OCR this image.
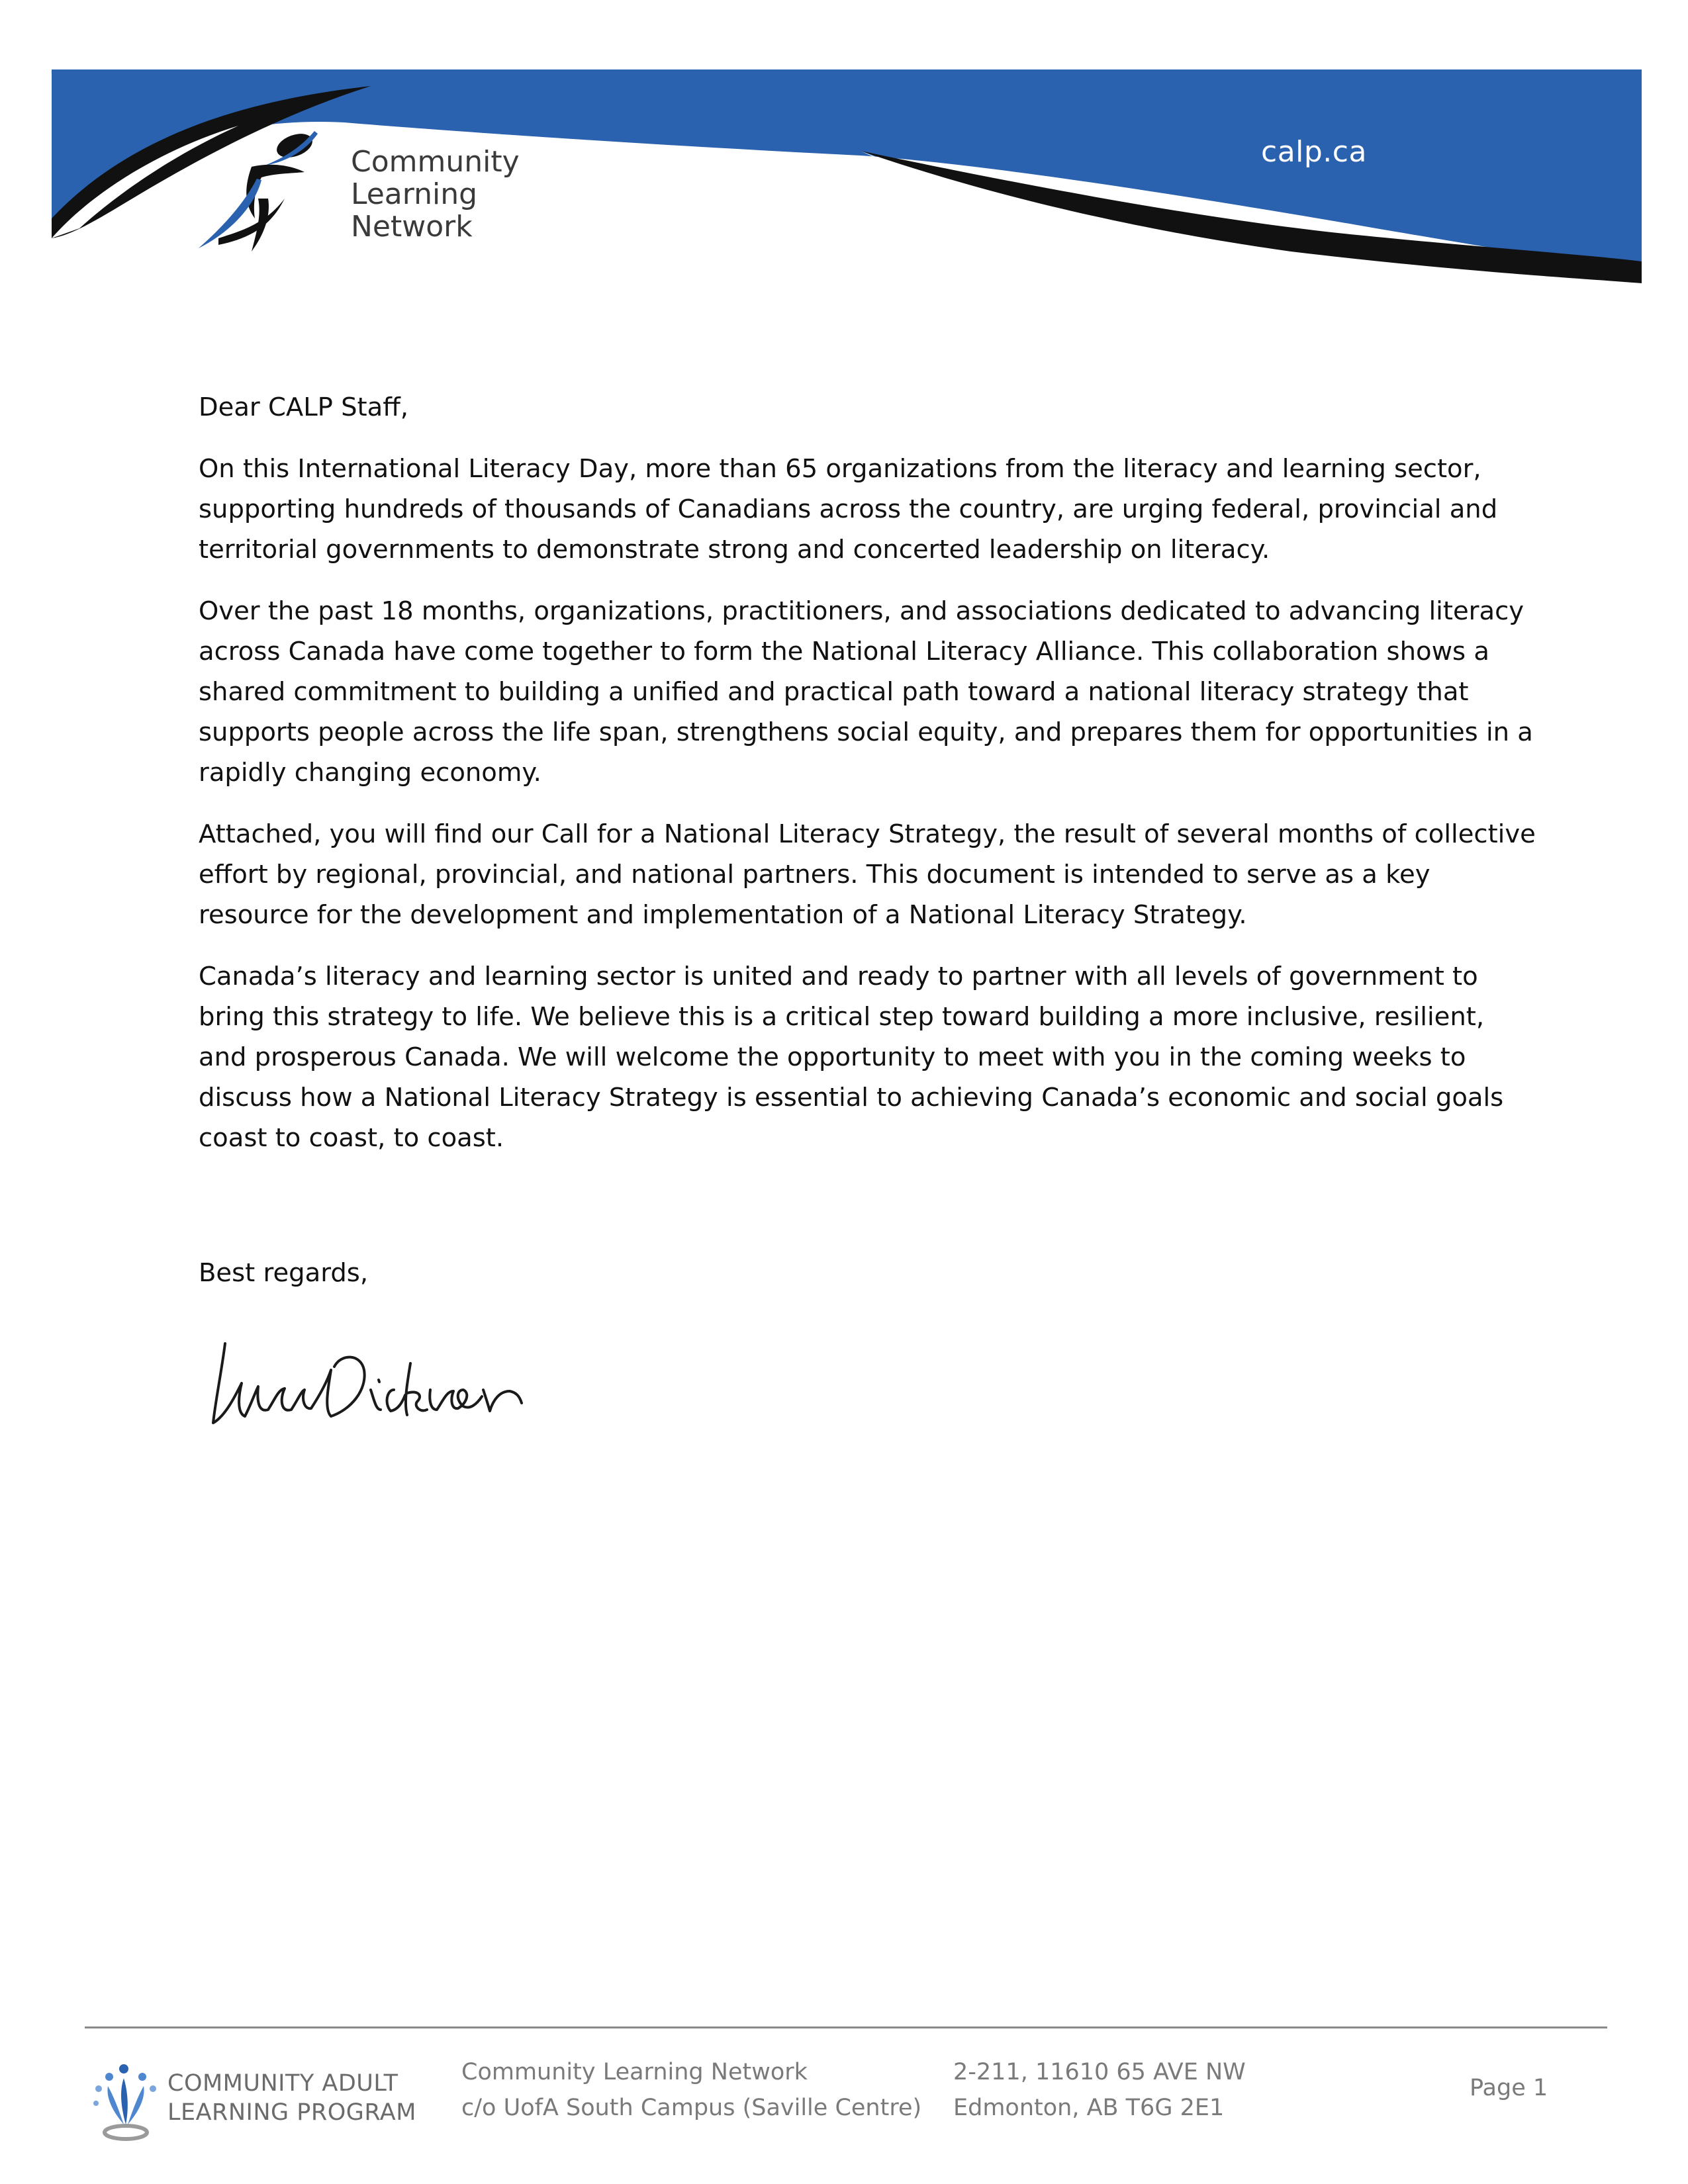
calp.ca
Community
Learning
Network

Dear CALP Staff,

On this International Literacy Day, more than 65 organizations from the literacy and learning sector, supporting hundreds of thousands of Canadians across the country, are urging federal, provincial and territorial governments to demonstrate strong and concerted leadership on literacy.

Over the past 18 months, organizations, practitioners, and associations dedicated to advancing literacy across Canada have come together to form the National Literacy Alliance. This collaboration shows a shared commitment to building a unified and practical path toward a national literacy strategy that supports people across the life span, strengthens social equity, and prepares them for opportunities in a rapidly changing economy.

Attached, you will find our Call for a National Literacy Strategy, the result of several months of collective effort by regional, provincial, and national partners. This document is intended to serve as a key resource for the development and implementation of a National Literacy Strategy.

Canada’s literacy and learning sector is united and ready to partner with all levels of government to bring this strategy to life. We believe this is a critical step toward building a more inclusive, resilient, and prosperous Canada. We will welcome the opportunity to meet with you in the coming weeks to discuss how a National Literacy Strategy is essential to achieving Canada’s economic and social goals coast to coast, to coast.

Best regards,
COMMUNITY ADULT
LEARNING PROGRAM
Community Learning Network
c/o UofA South Campus (Saville Centre)
2-211, 11610 65 AVE NW
Edmonton, AB T6G 2E1
Page 1
